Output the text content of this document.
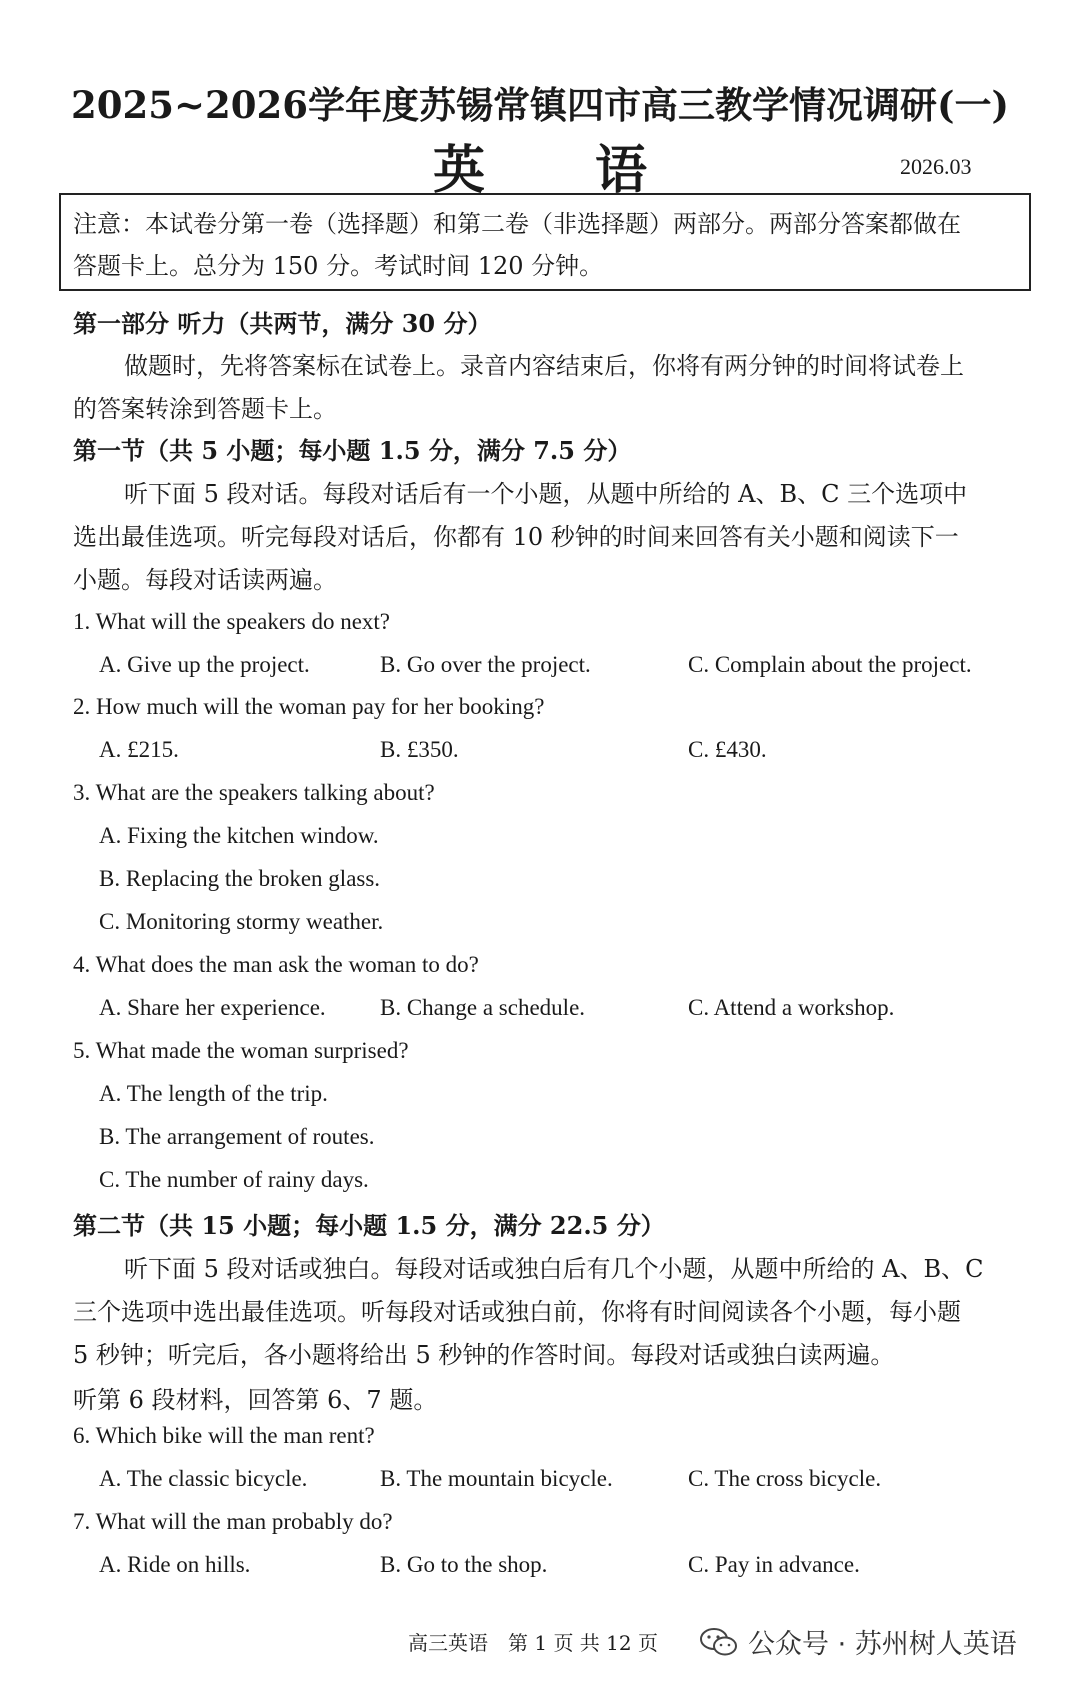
2025~2026学年度苏锡常镇四市高三教学情况调研(一)
英语	2026.03
注意：本试卷分第一卷（选择题）和第二卷（非选择题）两部分。两部分答案都做在
答题卡上。总分为 150 分。考试时间 120 分钟。
第一部分 听力（共两节，满分 30 分）
做题时，先将答案标在试卷上。录音内容结束后，你将有两分钟的时间将试卷上
的答案转涂到答题卡上。
第一节（共 5 小题；每小题 1.5 分，满分 7.5 分）
听下面 5 段对话。每段对话后有一个小题，从题中所给的 A、B、C 三个选项中
选出最佳选项。听完每段对话后，你都有 10 秒钟的时间来回答有关小题和阅读下一
小题。每段对话读两遍。
1. What will the speakers do next?
A. Give up the project.	B. Go over the project.	C. Complain about the project.
2. How much will the woman pay for her booking?
A. £215.	B. £350.	C. £430.
3. What are the speakers talking about?
A. Fixing the kitchen window.
B. Replacing the broken glass.
C. Monitoring stormy weather.
4. What does the man ask the woman to do?
A. Share her experience. B. Change a schedule.	C. Attend a workshop.
5. What made the woman surprised?
A. The length of the trip.
B. The arrangement of routes.
C. The number of rainy days.
第二节（共 15 小题；每小题 1.5 分，满分 22.5 分）
听下面 5 段对话或独白。每段对话或独白后有几个小题，从题中所给的 A、B、C
三个选项中选出最佳选项。听每段对话或独白前，你将有时间阅读各个小题，每小题
5 秒钟；听完后，各小题将给出 5 秒钟的作答时间。每段对话或独白读两遍。
听第 6 段材料，回答第 6、7 题。
6. Which bike will the man rent?
A. The classic bicycle.	B. The mountain bicycle.	C. The cross bicycle.
7. What will the man probably do?
A. Ride on hills.	B. Go to the shop.	C. Pay in advance.
高三英语　第 1 页 共 12 页	公众号 · 苏州树人英语
